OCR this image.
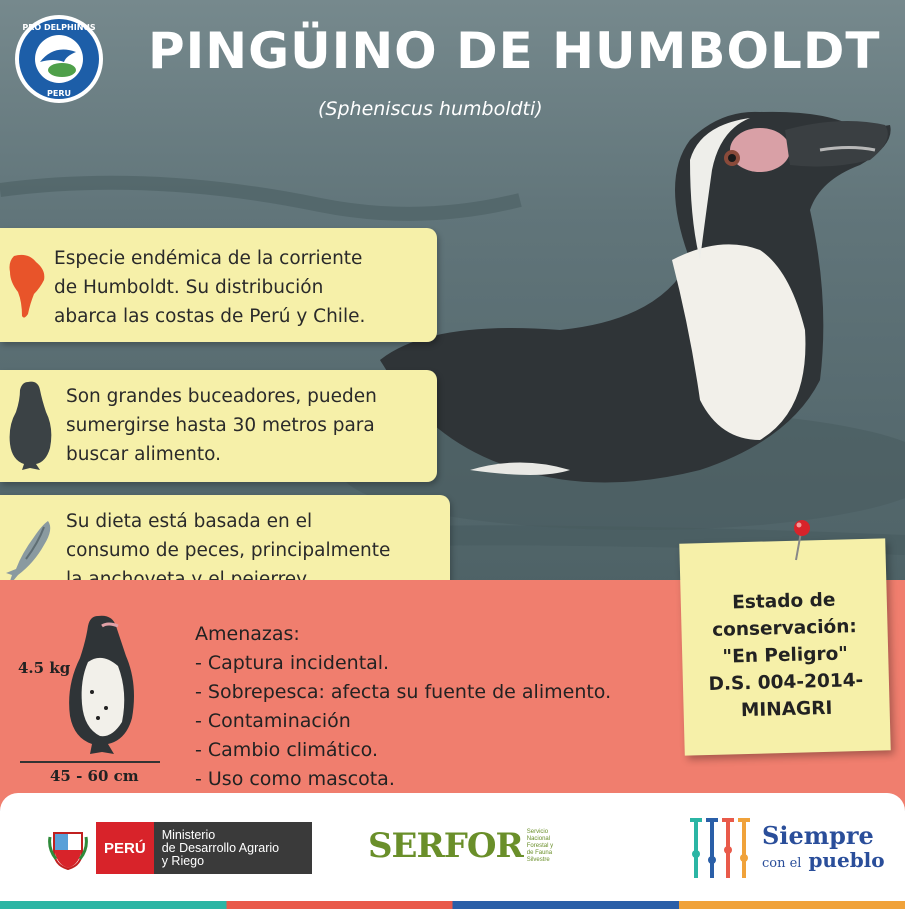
PRO DELPHINUS
PERU
PINGÜINO DE HUMBOLDT
(Spheniscus humboldti)
Especie endémica de la corriente
de Humboldt. Su distribución
abarca las costas de Perú y Chile.
Son grandes buceadores, pueden
sumergirse hasta 30 metros para
buscar alimento.
Su dieta está basada en el
consumo de peces, principalmente
4.5 kg
45 - 60 cm
Amenazas:
- Captura incidental.
- Sobrepesca: afecta su fuente de alimento.
- Contaminación
- Cambio climático.
- Uso como mascota.
Estado de
conservación:
"En Peligro"
D.S. 004-2014-
MINAGRI
PERÚ
Ministerio
de Desarrollo Agrario
y Riego	SERFOR Servicio
Nacional
Forestal y
de Fauna
Silvestre
Siempre
con el pueblo
